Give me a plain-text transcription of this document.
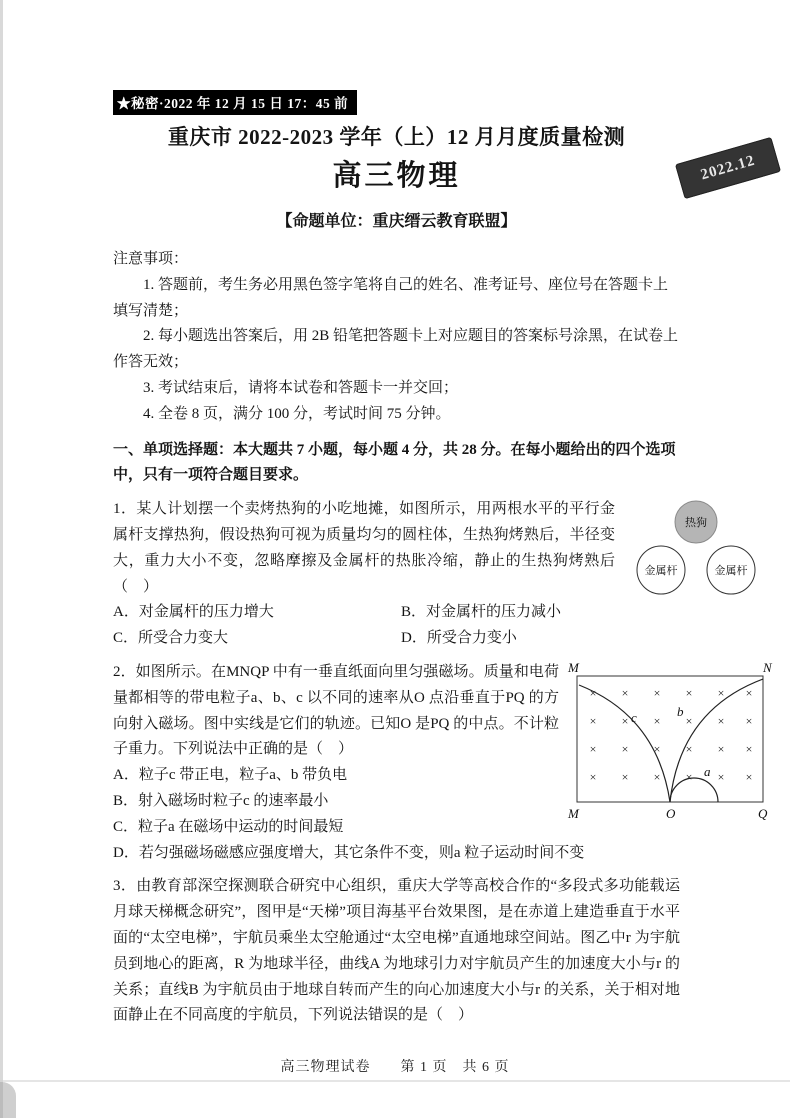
2022.12
★秘密·2022 年 12 月 15 日 17：45 前
重庆市 2022-2023 学年（上）12 月月度质量检测
高三物理
【命题单位：重庆缙云教育联盟】

注意事项：

1. 答题前，考生务必用黑色签字笔将自己的姓名、准考证号、座位号在答题卡上填写清楚；

2. 每小题选出答案后，用 2B 铅笔把答题卡上对应题目的答案标号涂黑，在试卷上作答无效；

3. 考试结束后，请将本试卷和答题卡一并交回；

4. 全卷 8 页，满分 100 分，考试时间 75 分钟。

一、单项选择题：本大题共 7 小题，每小题 4 分，共 28 分。在每小题给出的四个选项中，只有一项符合题目要求。
热狗
金属杆	金属杆

1．某人计划摆一个卖烤热狗的小吃地摊，如图所示，用两根水平的平行金属杆支撑热狗，假设热狗可视为质量均匀的圆柱体，生热狗烤熟后，半径变大，重力大小不变，忽略摩擦及金属杆的热胀冷缩，静止的生热狗烤熟后（　）

A．对金属杆的压力增大	B．对金属杆的压力减小
C．所受合力变大	D．所受合力变小
× × × × × ×
× × × × × ×
× × × × × ×
× × × × × ×
M	N
M	O	Q
c	b
a

2．如图所示。在MNQP 中有一垂直纸面向里匀强磁场。质量和电荷量都相等的带电粒子a、b、c 以不同的速率从O 点沿垂直于PQ 的方向射入磁场。图中实线是它们的轨迹。已知O 是PQ 的中点。不计粒子重力。下列说法中正确的是（　）

A．粒子c 带正电，粒子a、b 带负电
B．射入磁场时粒子c 的速率最小
C．粒子a 在磁场中运动的时间最短
D．若匀强磁场磁感应强度增大，其它条件不变，则a 粒子运动时间不变

3．由教育部深空探测联合研究中心组织，重庆大学等高校合作的“多段式多功能载运月球天梯概念研究”，图甲是“天梯”项目海基平台效果图，是在赤道上建造垂直于水平面的“太空电梯”，宇航员乘坐太空舱通过“太空电梯”直通地球空间站。图乙中r 为宇航员到地心的距离，R 为地球半径，曲线A 为地球引力对宇航员产生的加速度大小与r 的关系；直线B 为宇航员由于地球自转而产生的向心加速度大小与r 的关系，关于相对地面静止在不同高度的宇航员，下列说法错误的是（　）

高三物理试卷　　第 1 页　共 6 页
